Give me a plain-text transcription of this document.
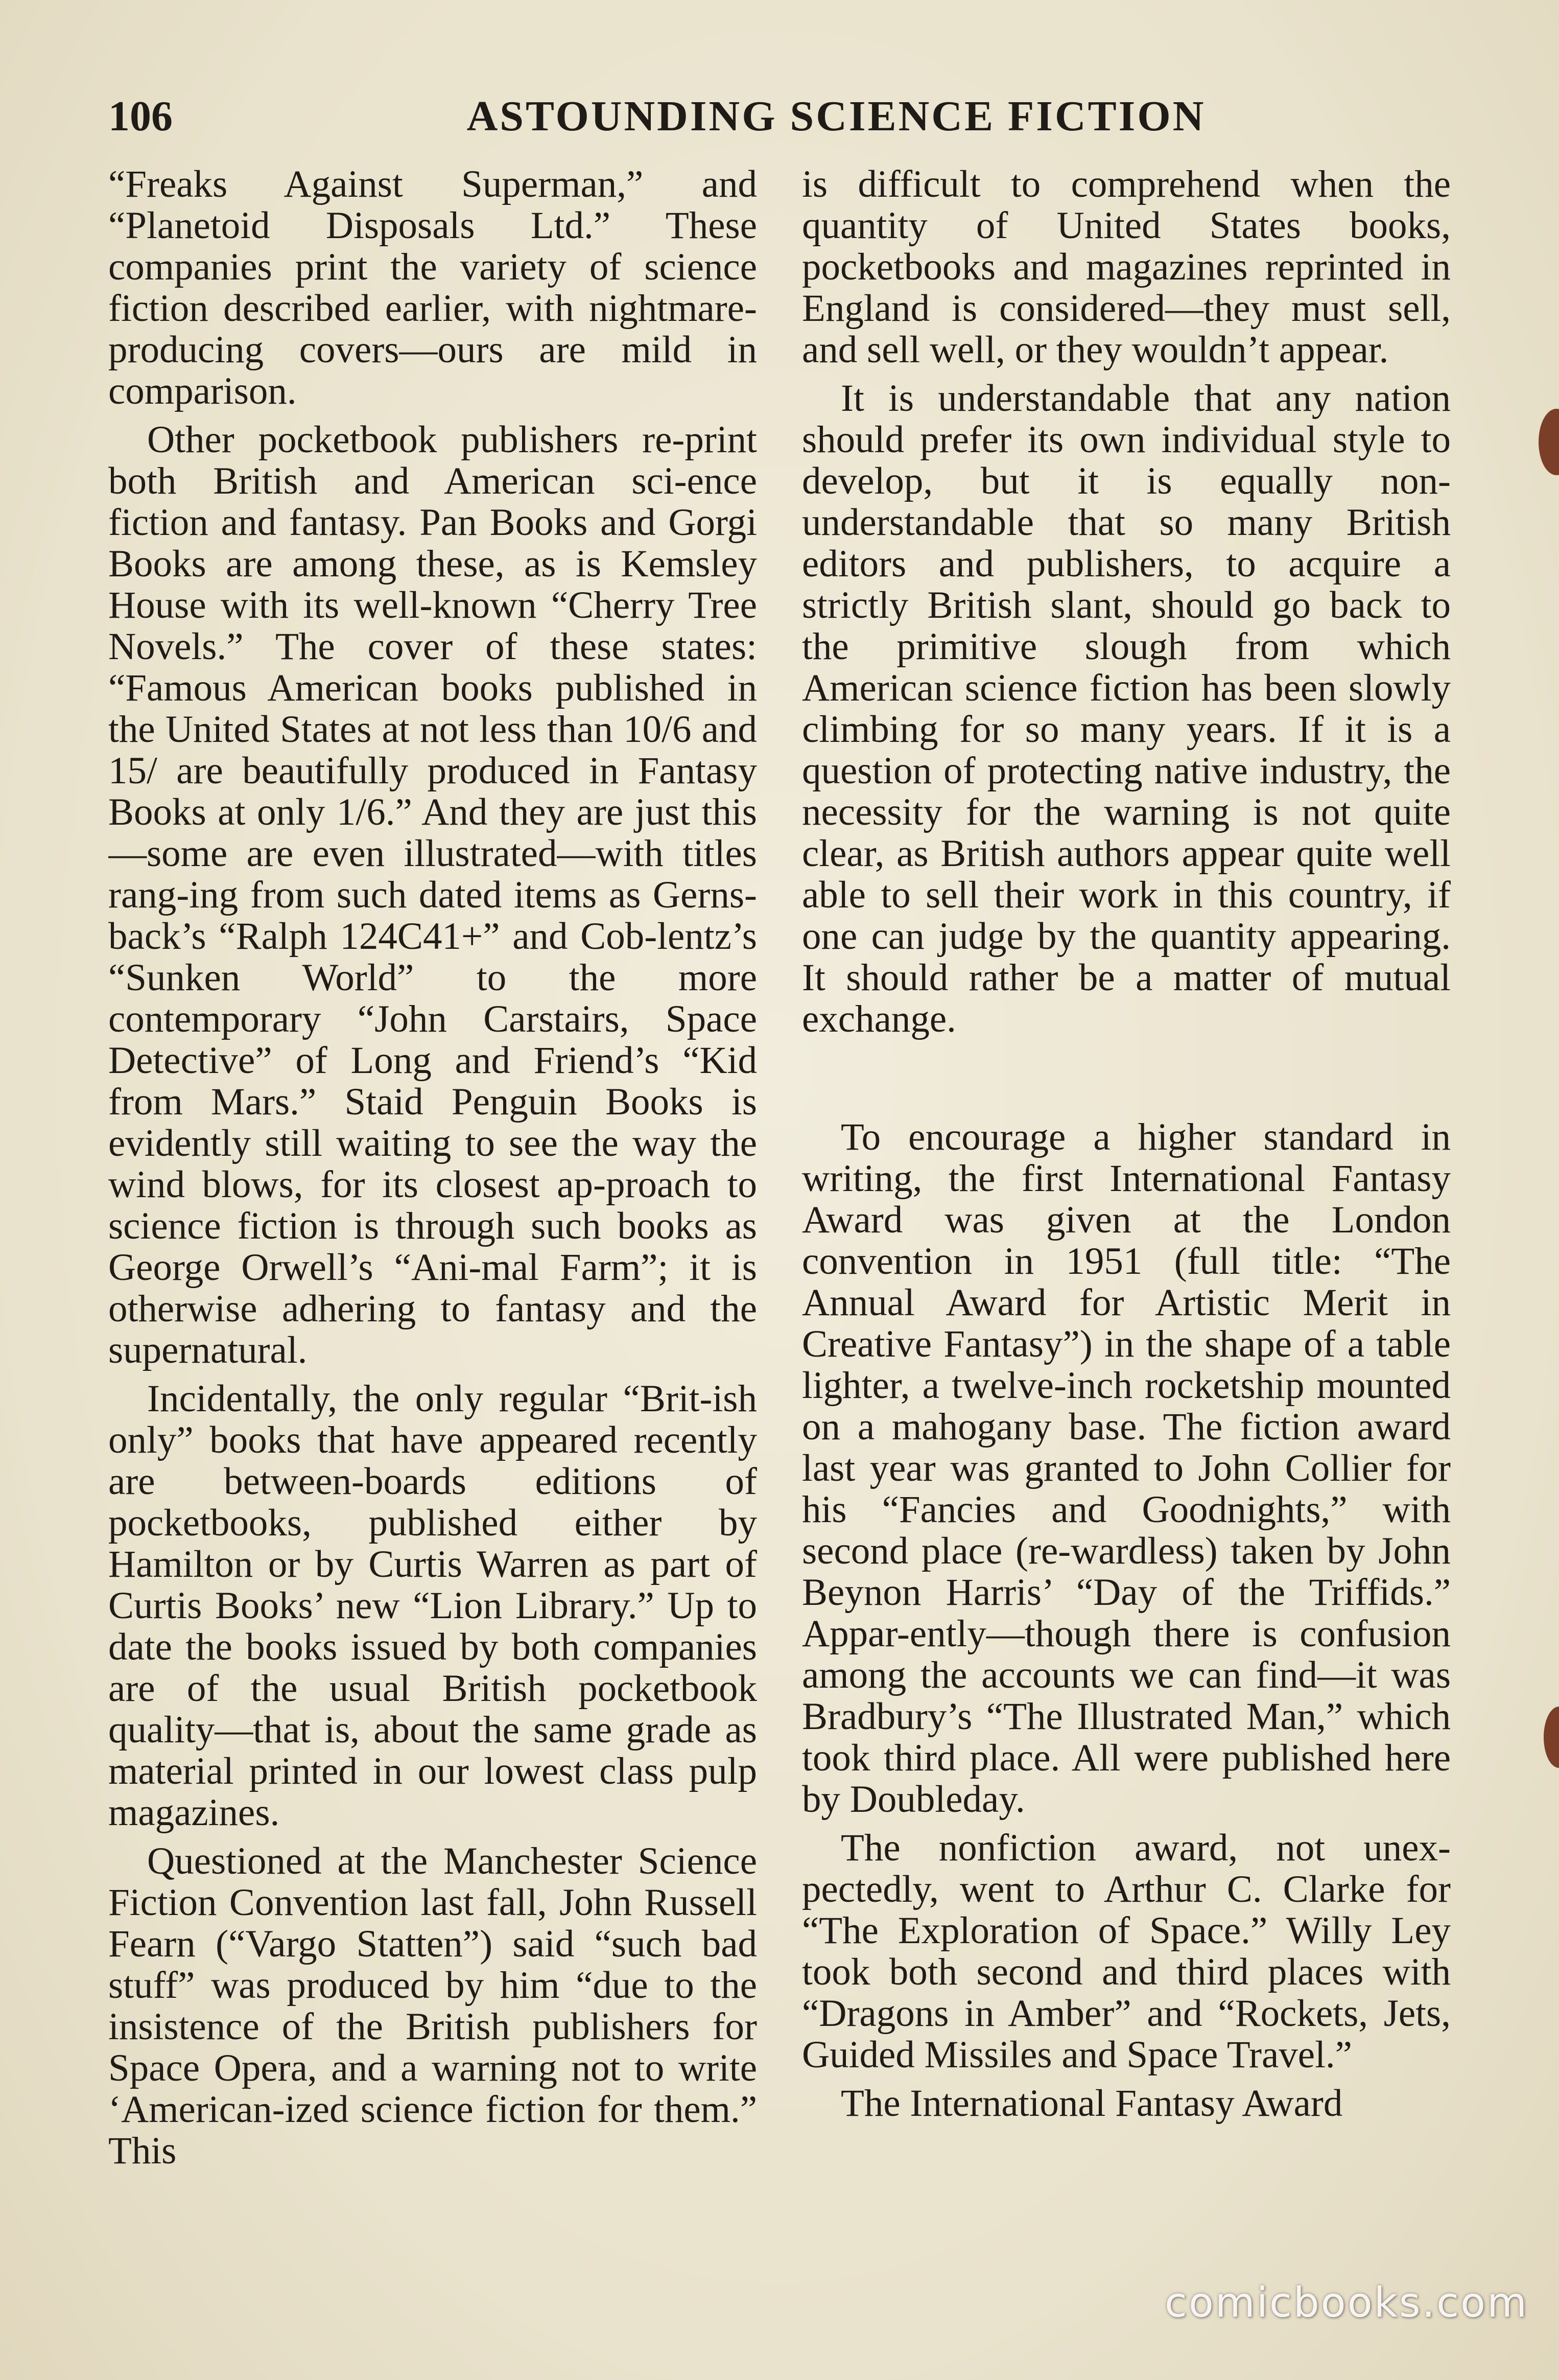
106	ASTOUNDING SCIENCE FICTION

“Freaks Against Superman,” and “Planetoid Disposals Ltd.” These companies print the variety of science fiction described earlier, with nightmare-producing covers—ours are mild in comparison.

Other pocketbook publishers re-print both British and American sci-ence fiction and fantasy. Pan Books and Gorgi Books are among these, as is Kemsley House with its well-known “Cherry Tree Novels.” The cover of these states: “Famous American books published in the United States at not less than 10/6 and 15/ are beautifully produced in Fantasy Books at only 1/6.” And they are just this—some are even illustrated—with titles rang-ing from such dated items as Gerns-back’s “Ralph 124C41+” and Cob-lentz’s “Sunken World” to the more contemporary “John Carstairs, Space Detective” of Long and Friend’s “Kid from Mars.” Staid Penguin Books is evidently still waiting to see the way the wind blows, for its closest ap-proach to science fiction is through such books as George Orwell’s “Ani-mal Farm”; it is otherwise adhering to fantasy and the supernatural.

Incidentally, the only regular “Brit-ish only” books that have appeared recently are between-boards editions of pocketbooks, published either by Hamilton or by Curtis Warren as part of Curtis Books’ new “Lion Library.” Up to date the books issued by both companies are of the usual British pocketbook quality—that is, about the same grade as material printed in our lowest class pulp magazines.

Questioned at the Manchester Science Fiction Convention last fall, John Russell Fearn (“Vargo Statten”) said “such bad stuff” was produced by him “due to the insistence of the British publishers for Space Opera, and a warning not to write ‘American-ized science fiction for them.” This

is difficult to comprehend when the quantity of United States books, pocketbooks and magazines reprinted in England is considered—they must sell, and sell well, or they wouldn’t appear.

It is understandable that any nation should prefer its own individual style to develop, but it is equally non-understandable that so many British editors and publishers, to acquire a strictly British slant, should go back to the primitive slough from which American science fiction has been slowly climbing for so many years. If it is a question of protecting native industry, the necessity for the warning is not quite clear, as British authors appear quite well able to sell their work in this country, if one can judge by the quantity appearing. It should rather be a matter of mutual exchange.

To encourage a higher standard in writing, the first International Fantasy Award was given at the London convention in 1951 (full title: “The Annual Award for Artistic Merit in Creative Fantasy”) in the shape of a table lighter, a twelve-inch rocketship mounted on a mahogany base. The fiction award last year was granted to John Collier for his “Fancies and Goodnights,” with second place (re-wardless) taken by John Beynon Harris’ “Day of the Triffids.” Appar-ently—though there is confusion among the accounts we can find—it was Bradbury’s “The Illustrated Man,” which took third place. All were published here by Doubleday.

The nonfiction award, not unex-pectedly, went to Arthur C. Clarke for “The Exploration of Space.” Willy Ley took both second and third places with “Dragons in Amber” and “Rockets, Jets, Guided Missiles and Space Travel.”

The International Fantasy Award

comicbooks.com
